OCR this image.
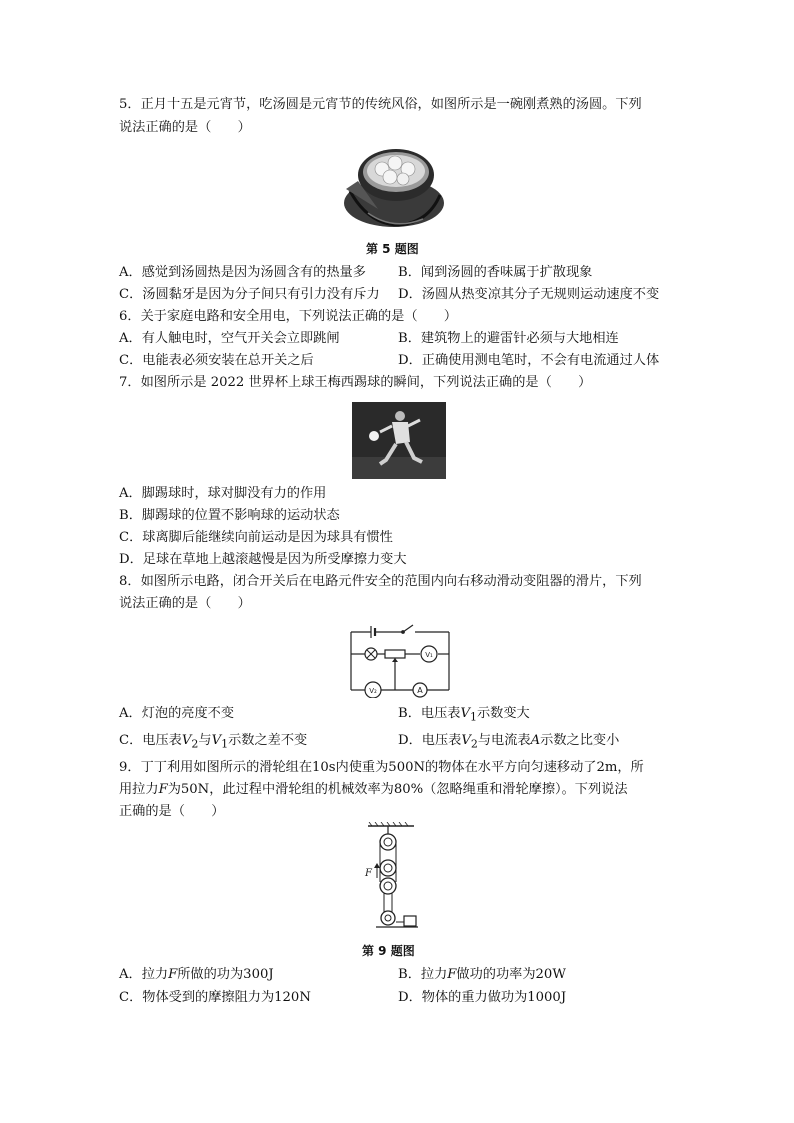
5．正月十五是元宵节，吃汤圆是元宵节的传统风俗，如图所示是一碗刚煮熟的汤圆。下列
说法正确的是（　　）
第 5 题图
A．感觉到汤圆热是因为汤圆含有的热量多 B．闻到汤圆的香味属于扩散现象
C．汤圆黏牙是因为分子间只有引力没有斥力 D．汤圆从热变凉其分子无规则运动速度不变
6．关于家庭电路和安全用电，下列说法正确的是（　　）
A．有人触电时，空气开关会立即跳闸	B．建筑物上的避雷针必须与大地相连
C．电能表必须安装在总开关之后	D．正确使用测电笔时，不会有电流通过人体
7．如图所示是 2022 世界杯上球王梅西踢球的瞬间，下列说法正确的是（　　）
A．脚踢球时，球对脚没有力的作用
B．脚踢球的位置不影响球的运动状态
C．球离脚后能继续向前运动是因为球具有惯性
D．足球在草地上越滚越慢是因为所受摩擦力变大
8．如图所示电路，闭合开关后在电路元件安全的范围内向右移动滑动变阻器的滑片，下列
说法正确的是（　　）
V₁
V₂	A
A．灯泡的亮度不变	B．电压表$V_1$示数变大
C．电压表$V_2$与$V_1$示数之差不变	D．电压表$V_2$与电流表A示数之比变小
9．丁丁利用如图所示的滑轮组在10s内使重为500N的物体在水平方向匀速移动了2m，所
用拉力F为50N，此过程中滑轮组的机械效率为80%（忽略绳重和滑轮摩擦）。下列说法
正确的是（　　）
F
第 9 题图
A．拉力F所做的功为300J	B．拉力F做功的功率为20W
C．物体受到的摩擦阻力为120N	D．物体的重力做功为1000J
